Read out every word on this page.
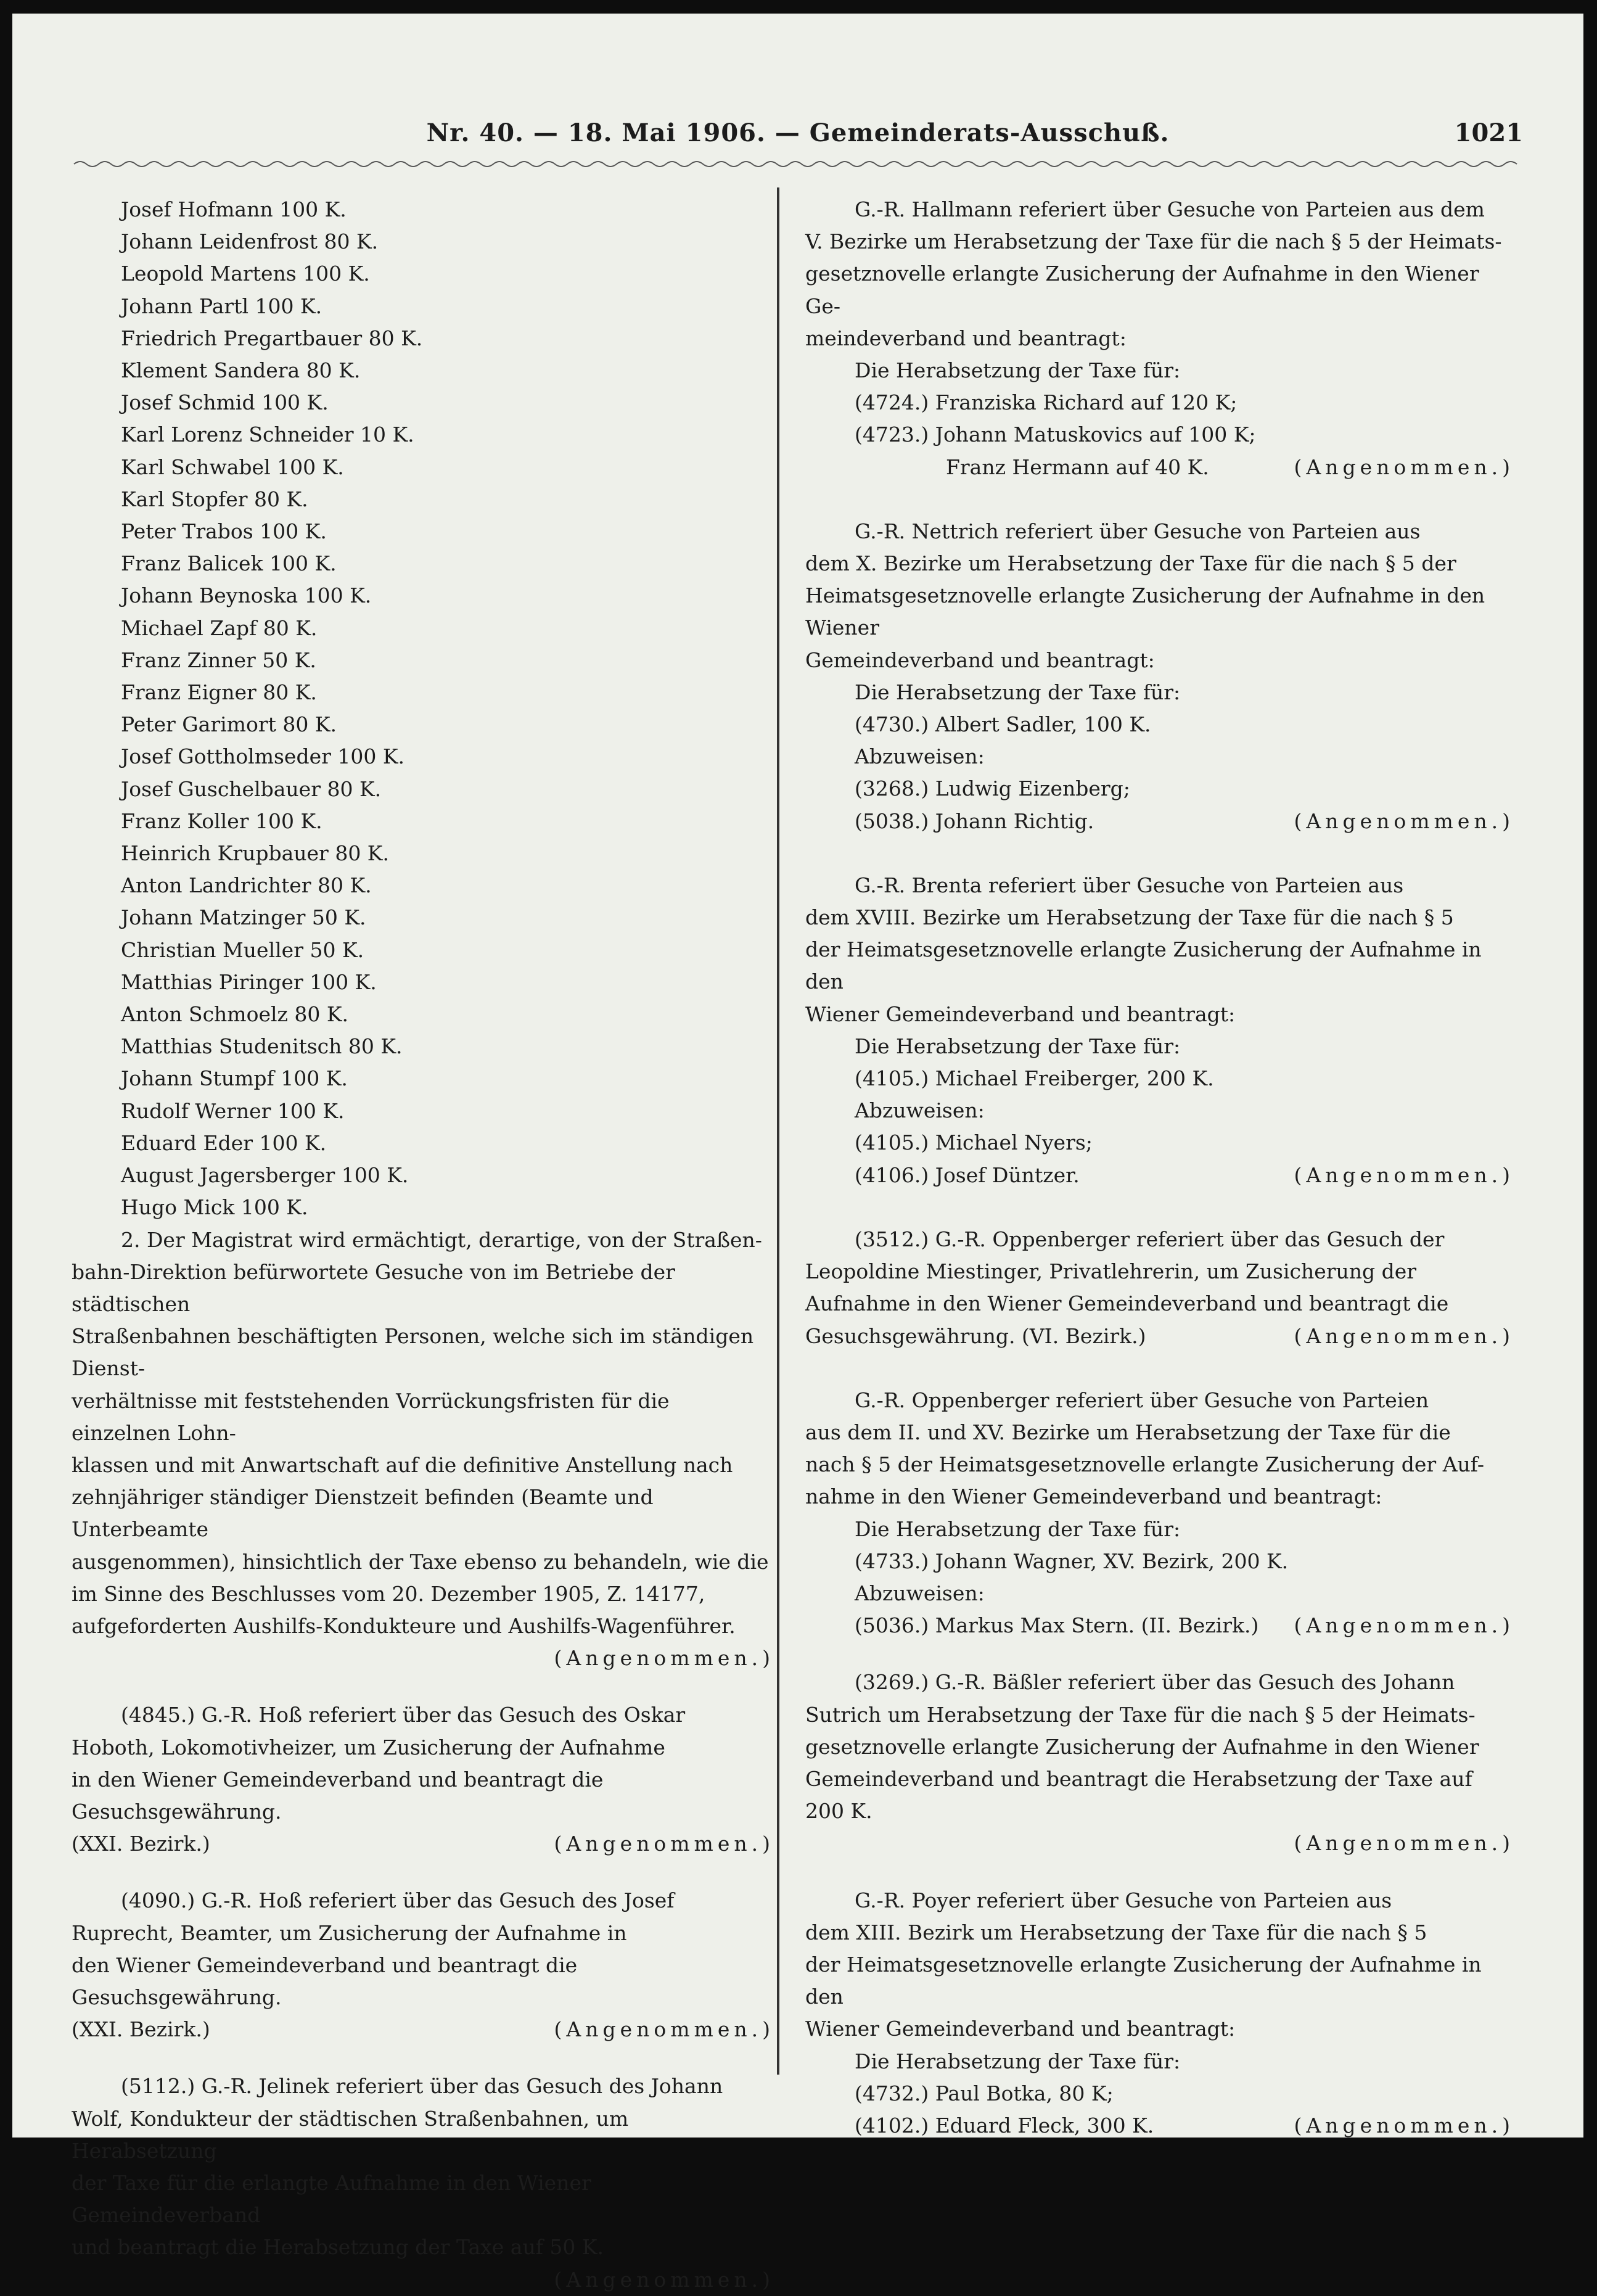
Nr. 40. — 18. Mai 1906. — Gemeinderats-Ausschuß.	1021

Josef Hofmann 100 K.

Johann Leidenfrost 80 K.

Leopold Martens 100 K.

Johann Partl 100 K.

Friedrich Pregartbauer 80 K.

Klement Sandera 80 K.

Josef Schmid 100 K.

Karl Lorenz Schneider 10 K.

Karl Schwabel 100 K.

Karl Stopfer 80 K.

Peter Trabos 100 K.

Franz Balicek 100 K.

Johann Beynoska 100 K.

Michael Zapf 80 K.

Franz Zinner 50 K.

Franz Eigner 80 K.

Peter Garimort 80 K.

Josef Gottholmseder 100 K.

Josef Guschelbauer 80 K.

Franz Koller 100 K.

Heinrich Krupbauer 80 K.

Anton Landrichter 80 K.

Johann Matzinger 50 K.

Christian Mueller 50 K.

Matthias Piringer 100 K.

Anton Schmoelz 80 K.

Matthias Studenitsch 80 K.

Johann Stumpf 100 K.

Rudolf Werner 100 K.

Eduard Eder 100 K.

August Jagersberger 100 K.

Hugo Mick 100 K.

2. Der Magistrat wird ermächtigt, derartige, von der Straßen-

bahn-Direktion befürwortete Gesuche von im Betriebe der städtischen

Straßenbahnen beschäftigten Personen, welche sich im ständigen Dienst-

verhältnisse mit feststehenden Vorrückungsfristen für die einzelnen Lohn-

klassen und mit Anwartschaft auf die definitive Anstellung nach

zehnjähriger ständiger Dienstzeit befinden (Beamte und Unterbeamte

ausgenommen), hinsichtlich der Taxe ebenso zu behandeln, wie die

im Sinne des Beschlusses vom 20. Dezember 1905, Z. 14177,

aufgeforderten Aushilfs-Kondukteure und Aushilfs-Wagenführer.

(Angenommen.)

(4845.) G.-R. Hoß referiert über das Gesuch des Oskar

Hoboth, Lokomotivheizer, um Zusicherung der Aufnahme

in den Wiener Gemeindeverband und beantragt die Gesuchsgewährung.

(XXI. Bezirk.)	(Angenommen.)

(4090.) G.-R. Hoß referiert über das Gesuch des Josef

Ruprecht, Beamter, um Zusicherung der Aufnahme in

den Wiener Gemeindeverband und beantragt die Gesuchsgewährung.

(XXI. Bezirk.)	(Angenommen.)

(5112.) G.-R. Jelinek referiert über das Gesuch des Johann

Wolf, Kondukteur der städtischen Straßenbahnen, um Herabsetzung

der Taxe für die erlangte Aufnahme in den Wiener Gemeindeverband

und beantragt die Herabsetzung der Taxe auf 50 K.

(Angenommen.)

G.-R. Hallmann referiert über Gesuche von Parteien aus dem

V. Bezirke um Herabsetzung der Taxe für die nach § 5 der Heimats-

gesetznovelle erlangte Zusicherung der Aufnahme in den Wiener Ge-

meindeverband und beantragt:

Die Herabsetzung der Taxe für:

(4724.) Franziska Richard auf 120 K;

(4723.) Johann Matuskovics auf 100 K;

Franz Hermann auf 40 K.	(Angenommen.)

G.-R. Nettrich referiert über Gesuche von Parteien aus

dem X. Bezirke um Herabsetzung der Taxe für die nach § 5 der

Heimatsgesetznovelle erlangte Zusicherung der Aufnahme in den Wiener

Gemeindeverband und beantragt:

Die Herabsetzung der Taxe für:

(4730.) Albert Sadler, 100 K.

Abzuweisen:

(3268.) Ludwig Eizenberg;

(5038.) Johann Richtig.	(Angenommen.)

G.-R. Brenta referiert über Gesuche von Parteien aus

dem XVIII. Bezirke um Herabsetzung der Taxe für die nach § 5

der Heimatsgesetznovelle erlangte Zusicherung der Aufnahme in den

Wiener Gemeindeverband und beantragt:

Die Herabsetzung der Taxe für:

(4105.) Michael Freiberger, 200 K.

Abzuweisen:

(4105.) Michael Nyers;

(4106.) Josef Düntzer.	(Angenommen.)

(3512.) G.-R. Oppenberger referiert über das Gesuch der

Leopoldine Miestinger, Privatlehrerin, um Zusicherung der

Aufnahme in den Wiener Gemeindeverband und beantragt die

Gesuchsgewährung. (VI. Bezirk.)	(Angenommen.)

G.-R. Oppenberger referiert über Gesuche von Parteien

aus dem II. und XV. Bezirke um Herabsetzung der Taxe für die

nach § 5 der Heimatsgesetznovelle erlangte Zusicherung der Auf-

nahme in den Wiener Gemeindeverband und beantragt:

Die Herabsetzung der Taxe für:

(4733.) Johann Wagner, XV. Bezirk, 200 K.

Abzuweisen:

(5036.) Markus Max Stern. (II. Bezirk.) (Angenommen.)

(3269.) G.-R. Bäßler referiert über das Gesuch des Johann

Sutrich um Herabsetzung der Taxe für die nach § 5 der Heimats-

gesetznovelle erlangte Zusicherung der Aufnahme in den Wiener

Gemeindeverband und beantragt die Herabsetzung der Taxe auf 200 K.

(Angenommen.)

G.-R. Poyer referiert über Gesuche von Parteien aus

dem XIII. Bezirk um Herabsetzung der Taxe für die nach § 5

der Heimatsgesetznovelle erlangte Zusicherung der Aufnahme in den

Wiener Gemeindeverband und beantragt:

Die Herabsetzung der Taxe für:

(4732.) Paul Botka, 80 K;

(4102.) Eduard Fleck, 300 K.	(Angenommen.)
